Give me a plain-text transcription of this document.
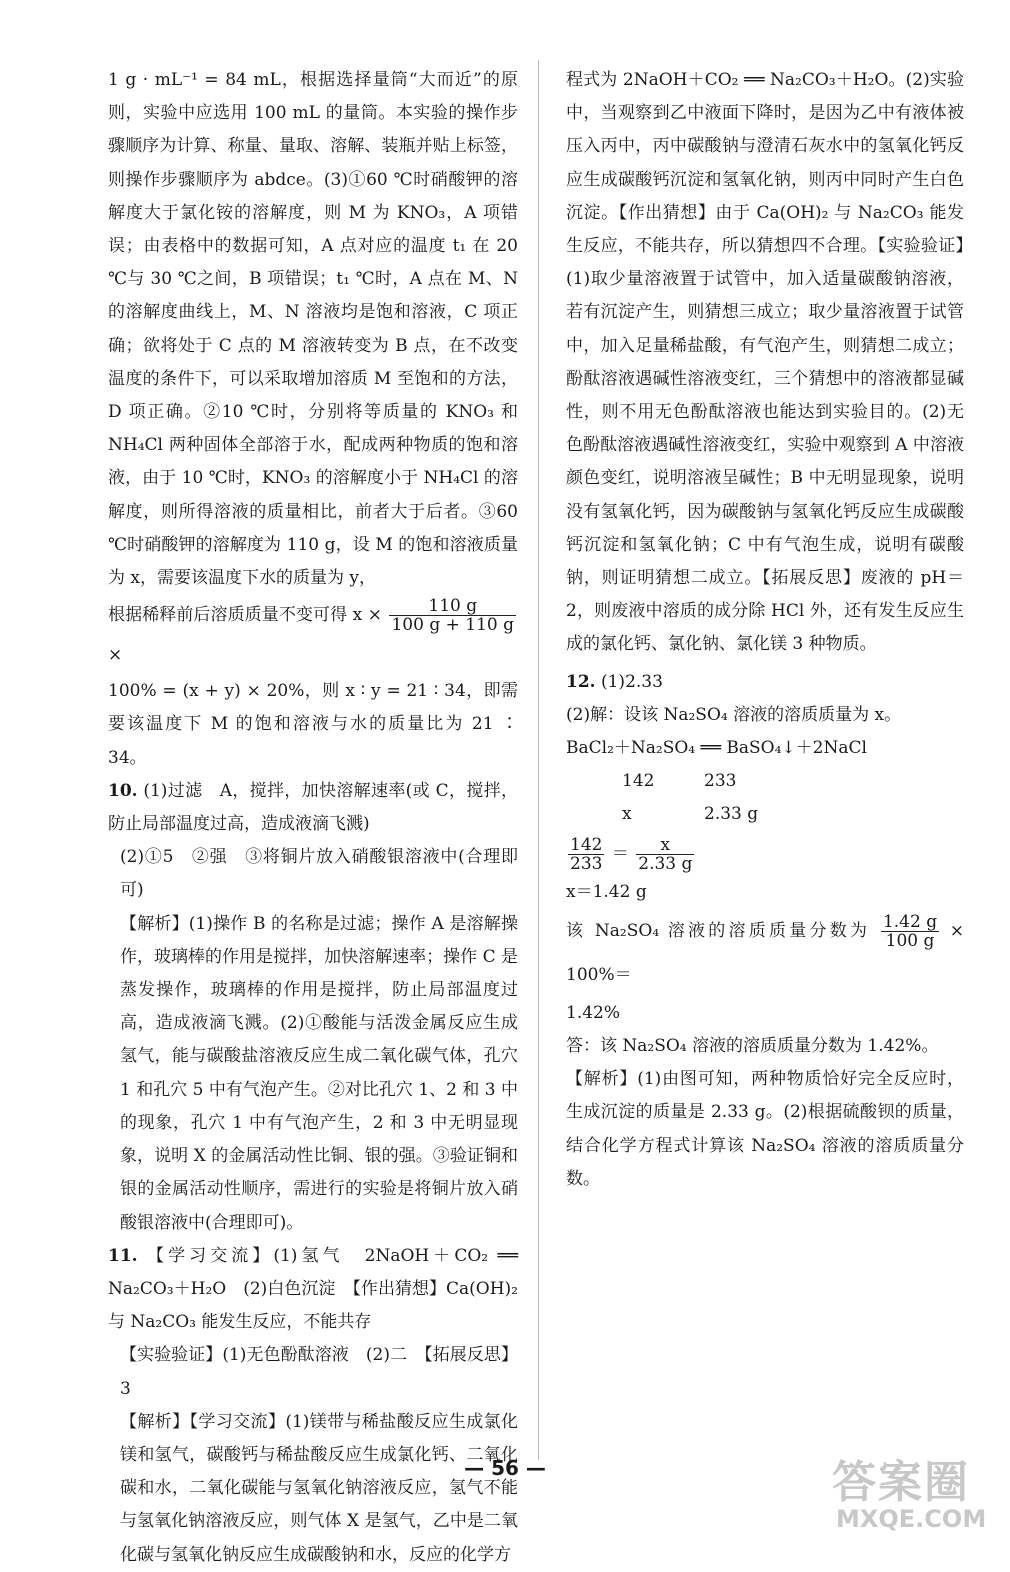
1 g · mL⁻¹ = 84 mL，根据选择量筒“大而近”的原则，实验中应选用 100 mL 的量筒。本实验的操作步骤顺序为计算、称量、量取、溶解、装瓶并贴上标签，则操作步骤顺序为 abdce。(3)①60 ℃时硝酸钾的溶解度大于氯化铵的溶解度，则 M 为 KNO₃，A 项错误；由表格中的数据可知，A 点对应的温度 t₁ 在 20 ℃与 30 ℃之间，B 项错误；t₁ ℃时，A 点在 M、N 的溶解度曲线上，M、N 溶液均是饱和溶液，C 项正确；欲将处于 C 点的 M 溶液转变为 B 点，在不改变温度的条件下，可以采取增加溶质 M 至饱和的方法，D 项正确。②10 ℃时，分别将等质量的 KNO₃ 和 NH₄Cl 两种固体全部溶于水，配成两种物质的饱和溶液，由于 10 ℃时，KNO₃ 的溶解度小于 NH₄Cl 的溶解度，则所得溶液的质量相比，前者大于后者。③60 ℃时硝酸钾的溶解度为 110 g，设 M 的饱和溶液质量为 x，需要该温度下水的质量为 y，

根据稀释前后溶质质量不变可得 $x \times \frac{110 g}{100 g + 110 g}$
×

100% = (x + y) × 20%，则 x ∶ y = 21 ∶ 34，即需要该温度下 M 的饱和溶液与水的质量比为 21 ∶ 34。

10. (1)过滤　A，搅拌，加快溶解速率(或 C，搅拌，防止局部温度过高，造成液滴飞溅)

(2)①5　②强　③将铜片放入硝酸银溶液中(合理即可)

【解析】(1)操作 B 的名称是过滤；操作 A 是溶解操作，玻璃棒的作用是搅拌，加快溶解速率；操作 C 是蒸发操作，玻璃棒的作用是搅拌，防止局部温度过高，造成液滴飞溅。(2)①酸能与活泼金属反应生成氢气，能与碳酸盐溶液反应生成二氧化碳气体，孔穴 1 和孔穴 5 中有气泡产生。②对比孔穴 1、2 和 3 中的现象，孔穴 1 中有气泡产生，2 和 3 中无明显现象，说明 X 的金属活动性比铜、银的强。③验证铜和银的金属活动性顺序，需进行的实验是将铜片放入硝酸银溶液中(合理即可)。

11. 【学习交流】(1)氢气　2NaOH＋CO₂ ══ Na₂CO₃＋H₂O　(2)白色沉淀　【作出猜想】Ca(OH)₂ 与 Na₂CO₃ 能发生反应，不能共存

【实验验证】(1)无色酚酞溶液　(2)二　【拓展反思】3

【解析】【学习交流】(1)镁带与稀盐酸反应生成氯化镁和氢气，碳酸钙与稀盐酸反应生成氯化钙、二氧化碳和水，二氧化碳能与氢氧化钠溶液反应，氢气不能与氢氧化钠溶液反应，则气体 X 是氢气，乙中是二氧化碳与氢氧化钠反应生成碳酸钠和水，反应的化学方

程式为 2NaOH＋CO₂ ══ Na₂CO₃＋H₂O。(2)实验中，当观察到乙中液面下降时，是因为乙中有液体被压入丙中，丙中碳酸钠与澄清石灰水中的氢氧化钙反应生成碳酸钙沉淀和氢氧化钠，则丙中同时产生白色沉淀。【作出猜想】由于 Ca(OH)₂ 与 Na₂CO₃ 能发生反应，不能共存，所以猜想四不合理。【实验验证】(1)取少量溶液置于试管中，加入适量碳酸钠溶液，若有沉淀产生，则猜想三成立；取少量溶液置于试管中，加入足量稀盐酸，有气泡产生，则猜想二成立；酚酞溶液遇碱性溶液变红，三个猜想中的溶液都显碱性，则不用无色酚酞溶液也能达到实验目的。(2)无色酚酞溶液遇碱性溶液变红，实验中观察到 A 中溶液颜色变红，说明溶液呈碱性；B 中无明显现象，说明没有氢氧化钙，因为碳酸钠与氢氧化钙反应生成碳酸钙沉淀和氢氧化钠；C 中有气泡生成，说明有碳酸钠，则证明猜想二成立。【拓展反思】废液的 pH＝2，则废液中溶质的成分除 HCl 外，还有发生反应生成的氯化钙、氯化钠、氯化镁 3 种物质。

12. (1)2.33

(2)解：设该 Na₂SO₄ 溶液的溶质质量为 x。

BaCl₂＋Na₂SO₄ ══ BaSO₄↓＋2NaCl

142	233
x	2.33 g

$\frac{142}{233} = \frac{x}{2.33 g}$

x＝1.42 g

该 Na₂SO₄ 溶液的溶质质量分数为 $\frac{1.42 g}{100 g} \times 100\%=$

1.42%

答：该 Na₂SO₄ 溶液的溶质质量分数为 1.42%。

【解析】(1)由图可知，两种物质恰好完全反应时，生成沉淀的质量是 2.33 g。(2)根据硫酸钡的质量，结合化学方程式计算该 Na₂SO₄ 溶液的溶质质量分数。

— 56 —	答案圈
MXQE.COM
